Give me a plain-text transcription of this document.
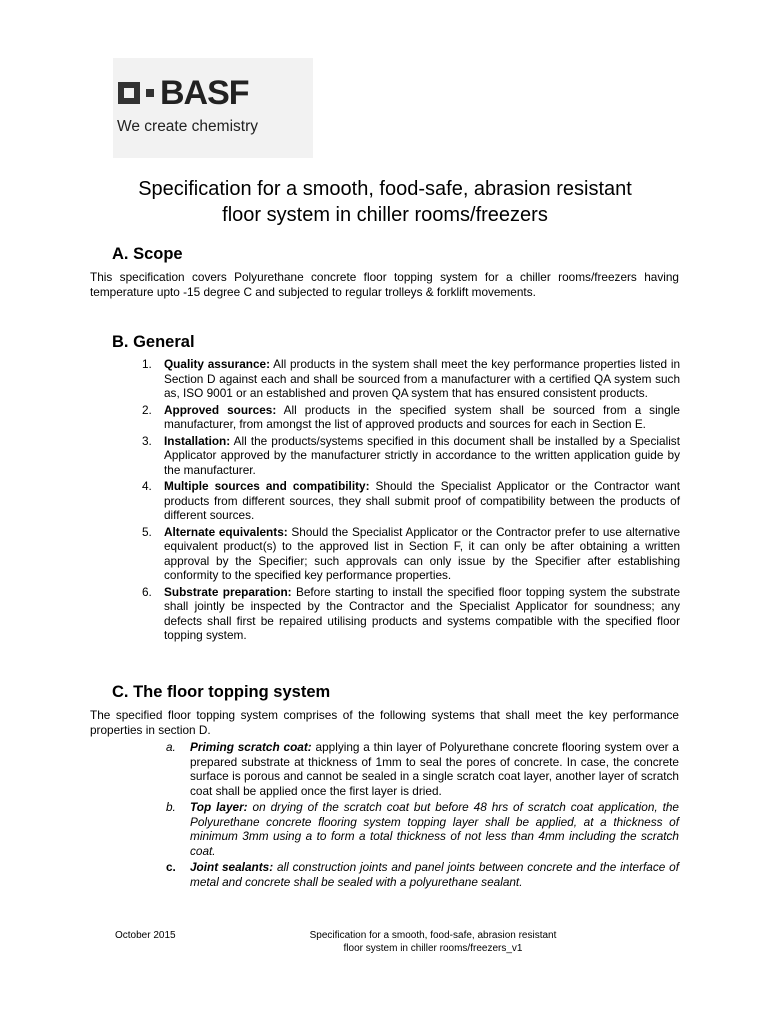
BASF
We create chemistry
Specification for a smooth, food-safe, abrasion resistant
floor system in chiller rooms/freezers
A. Scope
This specification covers Polyurethane concrete floor topping system for a chiller rooms/freezers having temperature upto -15 degree C and subjected to regular trolleys & forklift movements.
B. General
1. Quality assurance: All products in the system shall meet the key performance properties listed in Section D against each and shall be sourced from a manufacturer with a certified QA system such as, ISO 9001 or an established and proven QA system that has ensured consistent products.
2. Approved sources: All products in the specified system shall be sourced from a single manufacturer, from amongst the list of approved products and sources for each in Section E.
3. Installation: All the products/systems specified in this document shall be installed by a Specialist Applicator approved by the manufacturer strictly in accordance to the written application guide by the manufacturer.
4. Multiple sources and compatibility: Should the Specialist Applicator or the Contractor want products from different sources, they shall submit proof of compatibility between the products of different sources.
5. Alternate equivalents: Should the Specialist Applicator or the Contractor prefer to use alternative equivalent product(s) to the approved list in Section F, it can only be after obtaining a written approval by the Specifier; such approvals can only issue by the Specifier after establishing conformity to the specified key performance properties.
6. Substrate preparation: Before starting to install the specified floor topping system the substrate shall jointly be inspected by the Contractor and the Specialist Applicator for soundness; any defects shall first be repaired utilising products and systems compatible with the specified floor topping system.
C. The floor topping system
The specified floor topping system comprises of the following systems that shall meet the key performance properties in section D.
a. Priming scratch coat: applying a thin layer of Polyurethane concrete flooring system over a prepared substrate at thickness of 1mm to seal the pores of concrete. In case, the concrete surface is porous and cannot be sealed in a single scratch coat layer, another layer of scratch coat shall be applied once the first layer is dried.
b. Top layer: on drying of the scratch coat but before 48 hrs of scratch coat application, the Polyurethane concrete flooring system topping layer shall be applied, at a thickness of minimum 3mm using a to form a total thickness of not less than 4mm including the scratch coat.
c. Joint sealants: all construction joints and panel joints between concrete and the interface of metal and concrete shall be sealed with a polyurethane sealant.
October 2015	Specification for a smooth, food-safe, abrasion resistant
floor system in chiller rooms/freezers_v1
